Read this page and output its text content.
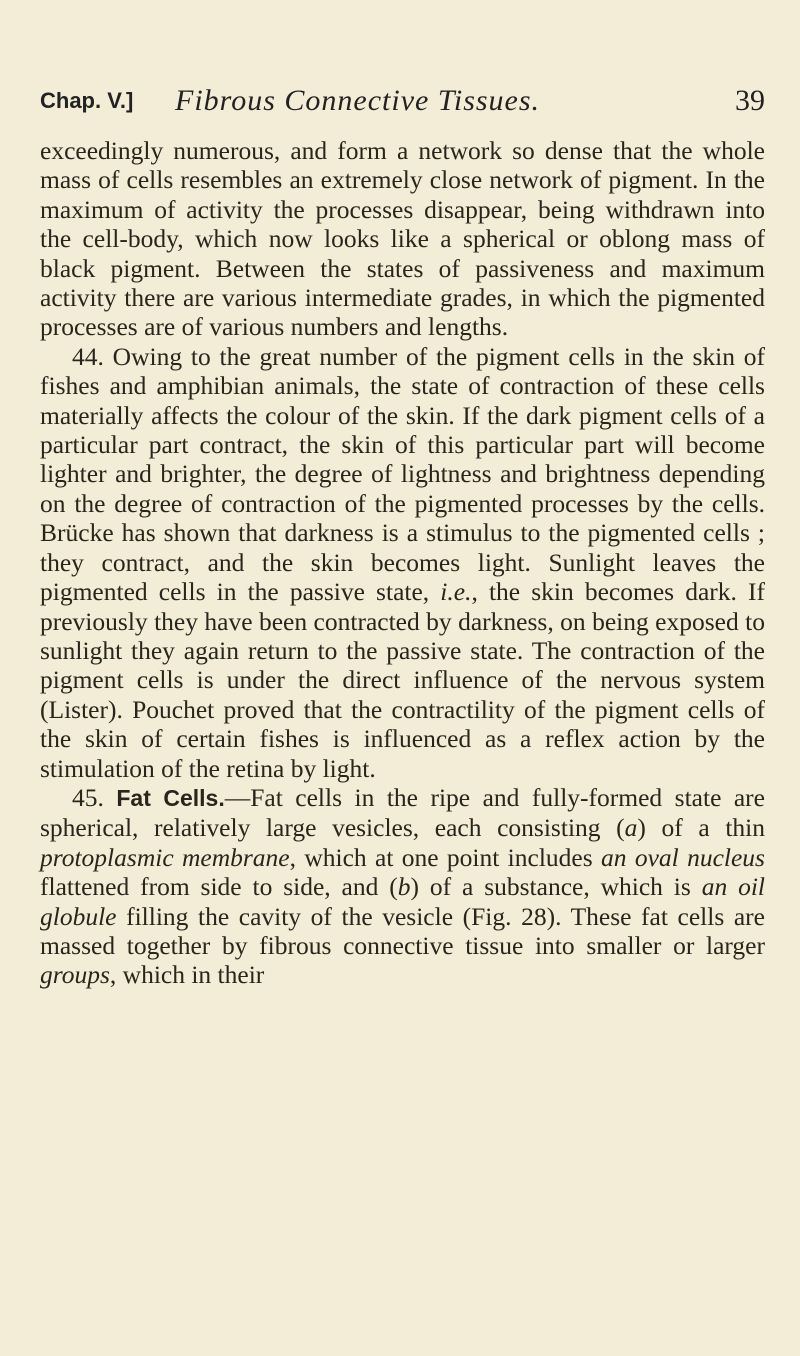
Chap. V.] Fibrous Connective Tissues.	39

exceedingly numerous, and form a network so dense that the whole mass of cells resembles an extremely close network of pigment. In the maximum of activity the processes disappear, being withdrawn into the cell-body, which now looks like a spherical or oblong mass of black pigment. Between the states of passiveness and maximum activity there are various intermediate grades, in which the pigmented processes are of various numbers and lengths.

44. Owing to the great number of the pigment cells in the skin of fishes and amphibian animals, the state of contraction of these cells materially affects the colour of the skin. If the dark pigment cells of a particular part contract, the skin of this particular part will become lighter and brighter, the degree of lightness and brightness depending on the degree of contraction of the pigmented processes by the cells. Brücke has shown that darkness is a stimulus to the pigmented cells ; they contract, and the skin becomes light. Sunlight leaves the pigmented cells in the passive state, i.e., the skin becomes dark. If previously they have been contracted by darkness, on being exposed to sunlight they again return to the passive state. The contraction of the pigment cells is under the direct influence of the nervous system (Lister). Pouchet proved that the contractility of the pigment cells of the skin of certain fishes is influenced as a reflex action by the stimulation of the retina by light.

45. Fat Cells.—Fat cells in the ripe and fully-formed state are spherical, relatively large vesicles, each consisting (a) of a thin protoplasmic membrane, which at one point includes an oval nucleus flattened from side to side, and (b) of a substance, which is an oil globule filling the cavity of the vesicle (Fig. 28). These fat cells are massed together by fibrous connective tissue into smaller or larger groups, which in their
